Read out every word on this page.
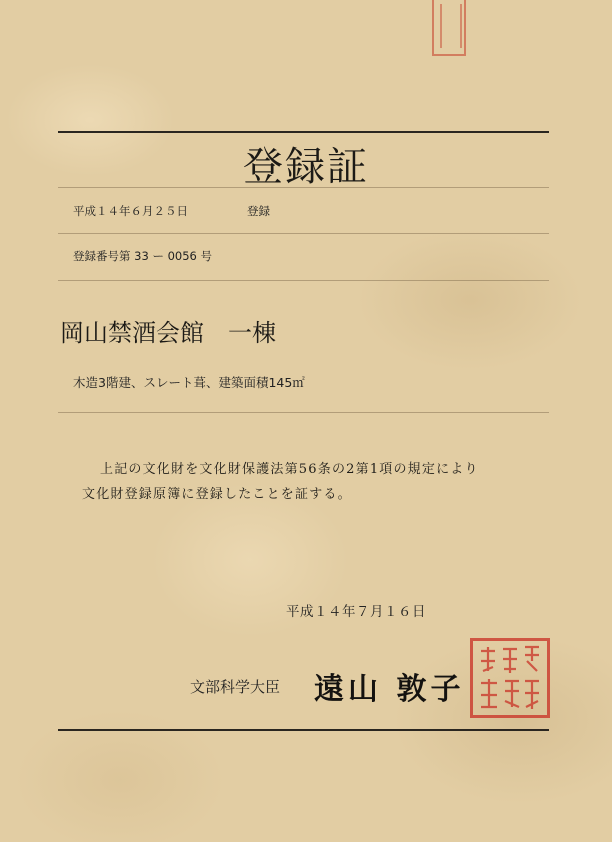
登録証
平成１４年６月２５日	登録
登録番号第 33 ー 0056 号
岡山禁酒会館　一棟
木造3階建、スレート葺、建築面積145㎡
上記の文化財を文化財保護法第56条の2第1項の規定により
文化財登録原簿に登録したことを証する。
平成１４年７月１６日
文部科学大臣 遠山 敦子
